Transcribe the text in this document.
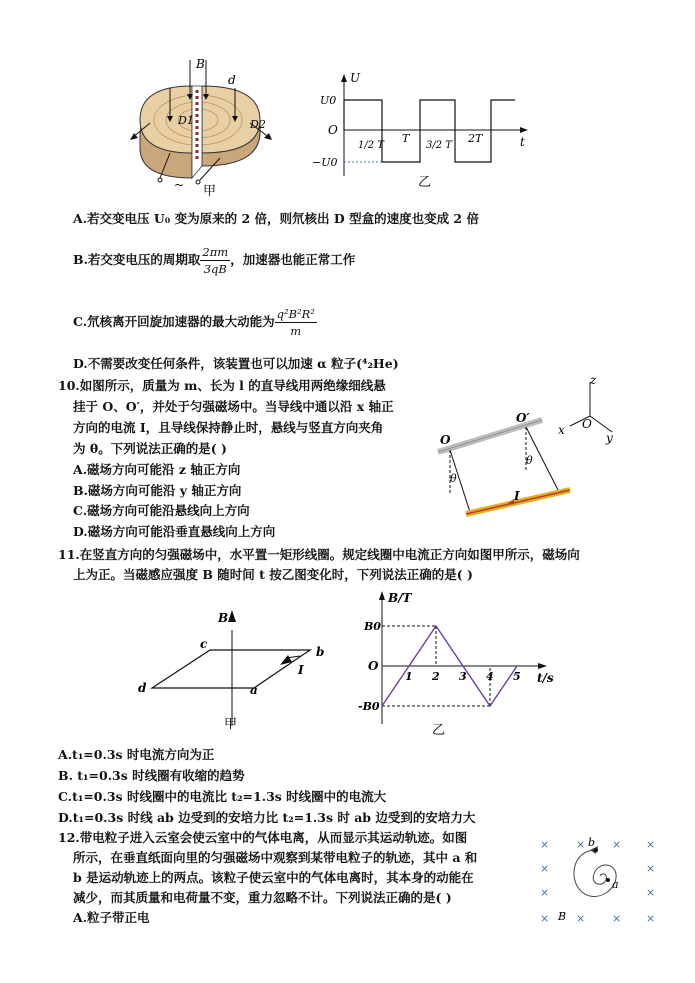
B
d
D1	D2
~ 甲
U
t
O
U0
−U0
1/2 T
T
3/2 T
2T
乙
A.若交变电压 U₀ 变为原来的 2 倍，则氘核出 D 型盒的速度也变成 2 倍
B.若交变电压的周期取 $\frac{2\pi m}{3qB}$ ，加速器也能正常工作
C.氘核离开回旋加速器的最大动能为 $\frac{\text{q²B²R²}}{m}$
D.不需要改变任何条件，该装置也可以加速 α 粒子(⁴₂He)
10.如图所示，质量为 m、长为 l 的直导线用两绝缘细线悬
挂于 O、O′，并处于匀强磁场中。当导线中通以沿 x 轴正
方向的电流 I，且导线保持静止时，悬线与竖直方向夹角
为 θ。下列说法正确的是( )
A.磁场方向可能沿 z 轴正方向
B.磁场方向可能沿 y 轴正方向
C.磁场方向可能沿悬线向上方向
D.磁场方向可能沿垂直悬线向上方向
O
O′
θ
θ
I
z
x
y
O
11.在竖直方向的匀强磁场中，水平置一矩形线圈。规定线圈中电流正方向如图甲所示，磁场向
上为正。当磁感应强度 B 随时间 t 按乙图变化时，下列说法正确的是( )
B
c
b
I
d	a
甲
1 2 3 4 5
B/T
t/s
O
B0
-B0
乙
A.t₁=0.3s 时电流方向为正
B. t₁=0.3s 时线圈有收缩的趋势
C.t₁=0.3s 时线圈中的电流比 t₂=1.3s 时线圈中的电流大
D.t₁=0.3s 时线 ab 边受到的安培力比 t₂=1.3s 时 ab 边受到的安培力大
12.带电粒子进入云室会使云室中的气体电离，从而显示其运动轨迹。如图
所示，在垂直纸面向里的匀强磁场中观察到某带电粒子的轨迹，其中 a 和
b 是运动轨迹上的两点。该粒子使云室中的气体电离时，其本身的动能在
减少，而其质量和电荷量不变，重力忽略不计。下列说法正确的是( )
A.粒子带正电
× × × ×
×	×
×	×
× × × ×
b
a
B
